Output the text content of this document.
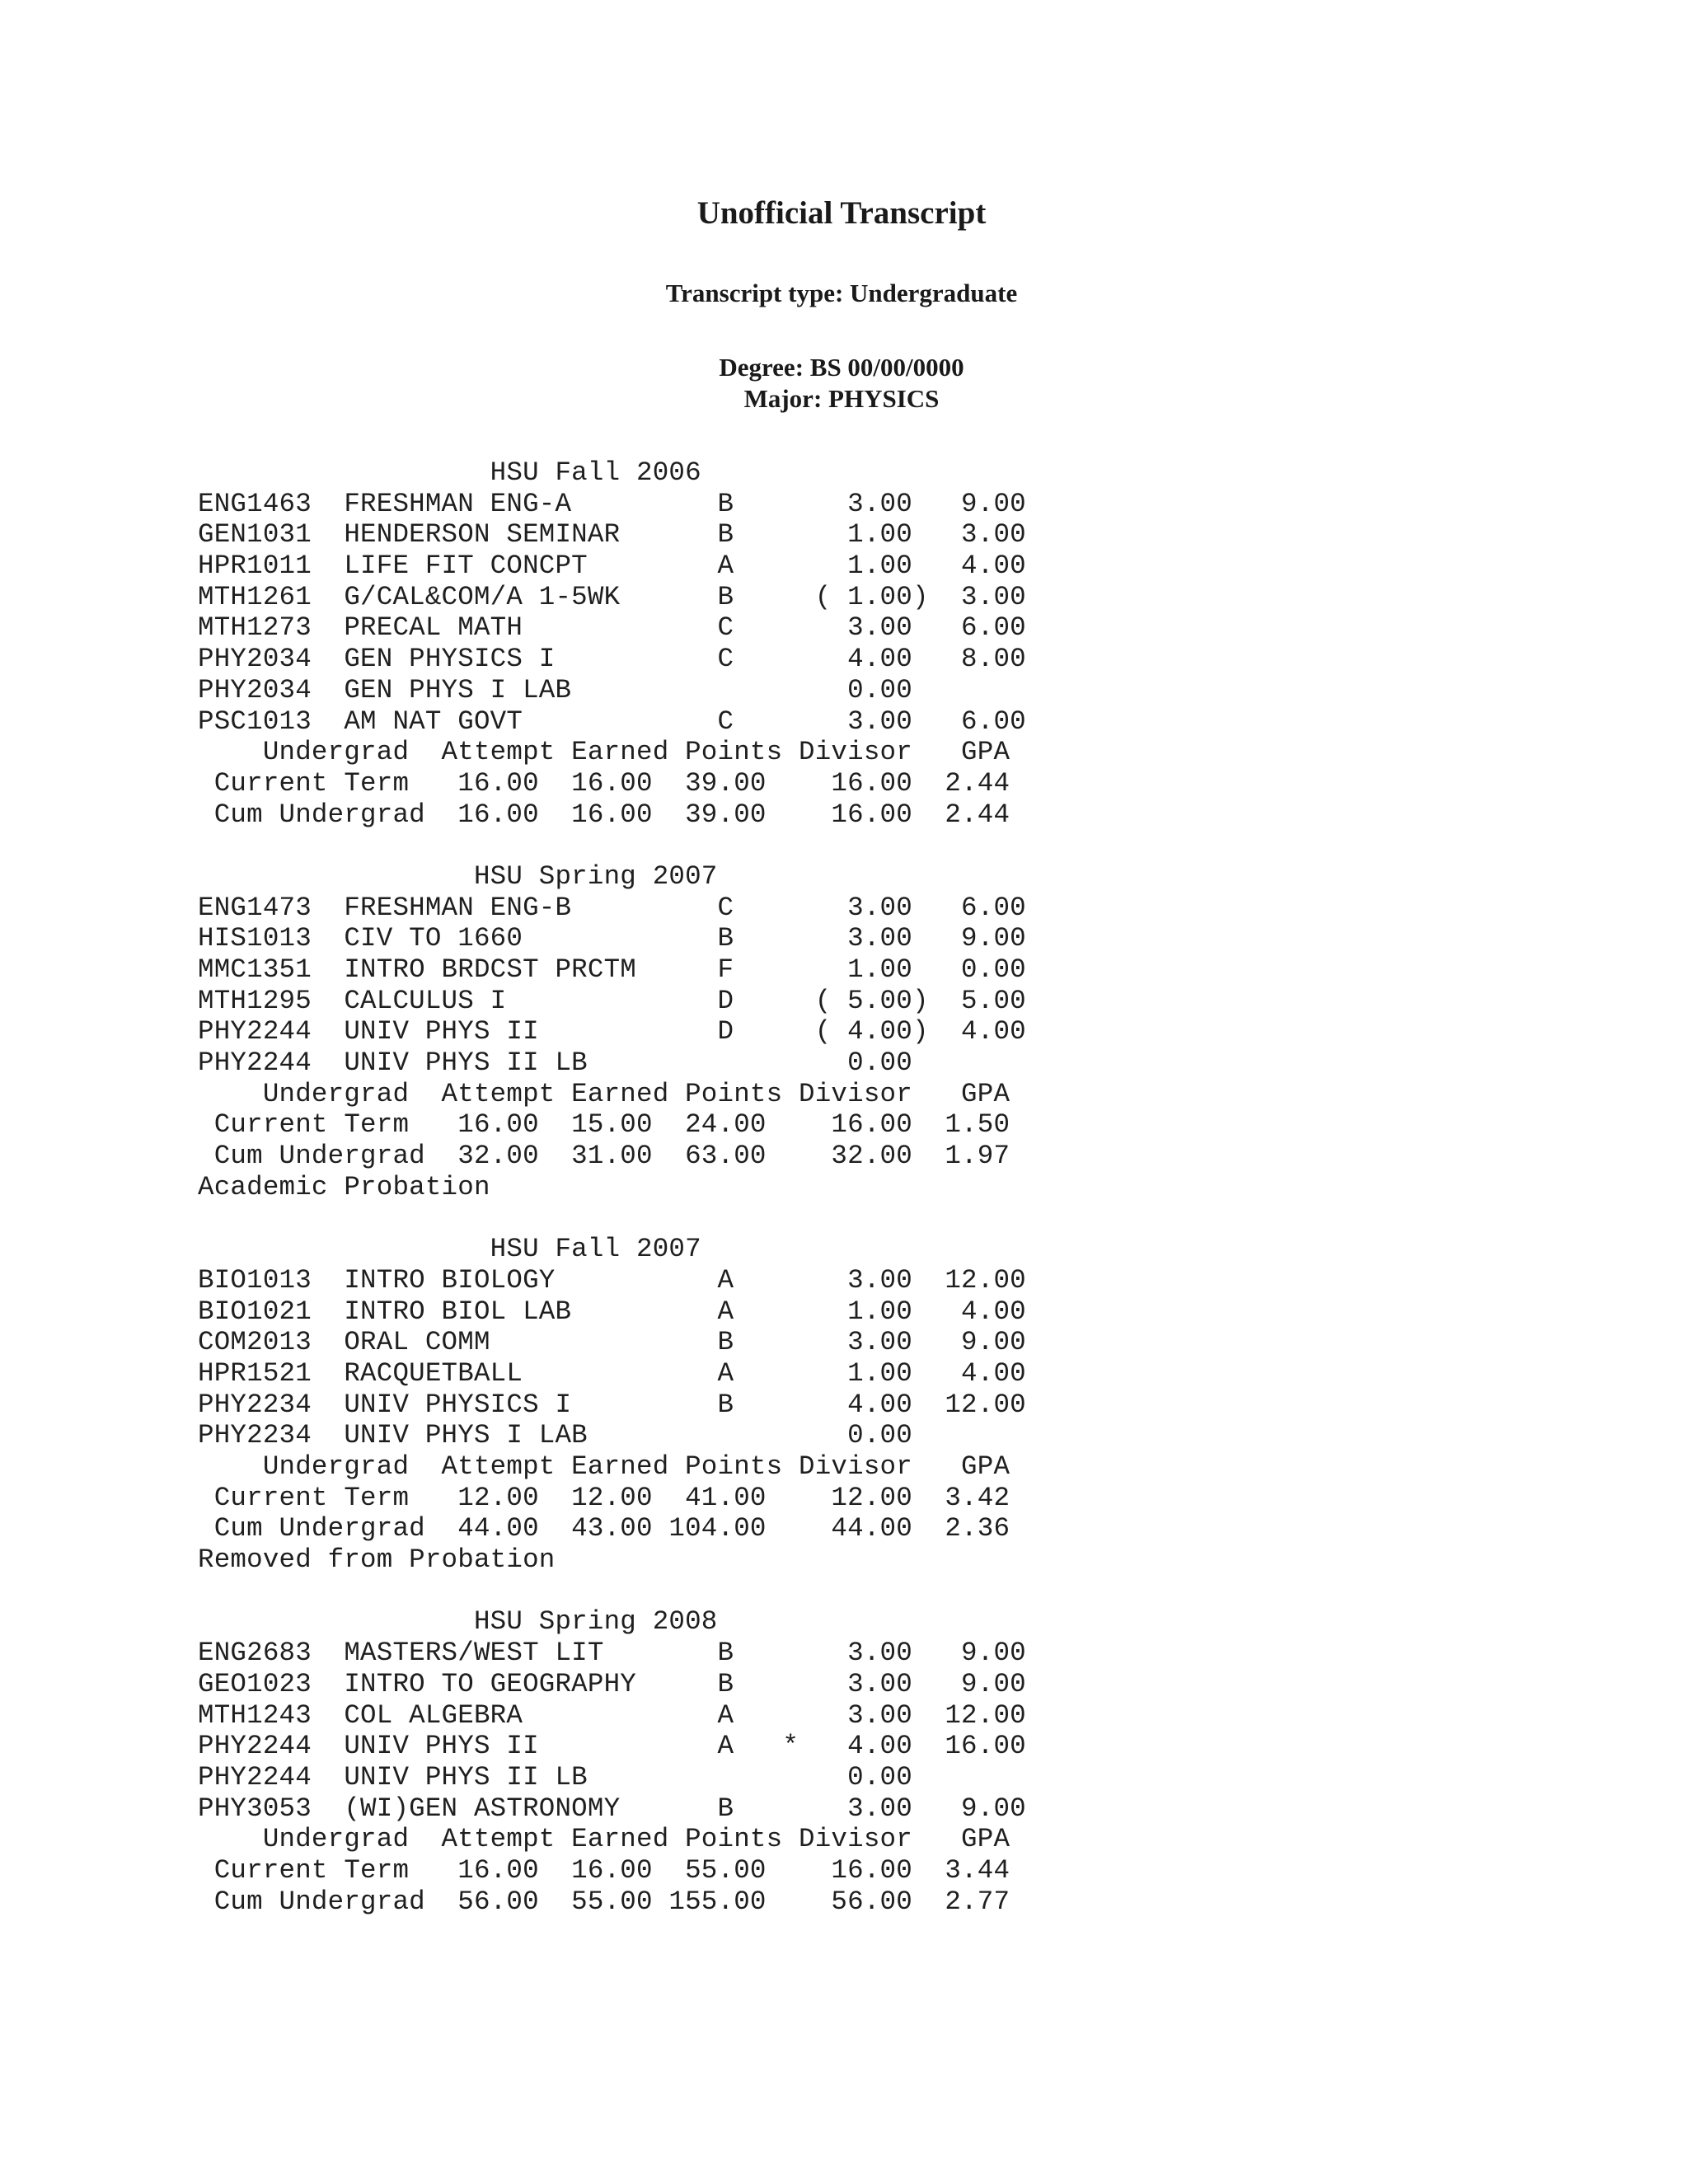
Unofficial Transcript
Transcript type: Undergraduate
Degree: BS 00/00/0000
Major: PHYSICS
HSU Fall 2006
ENG1463  FRESHMAN ENG-A         B       3.00   9.00
GEN1031  HENDERSON SEMINAR      B       1.00   3.00
HPR1011  LIFE FIT CONCPT        A       1.00   4.00
MTH1261  G/CAL&COM/A 1-5WK      B     ( 1.00)  3.00
MTH1273  PRECAL MATH            C       3.00   6.00
PHY2034  GEN PHYSICS I          C       4.00   8.00
PHY2034  GEN PHYS I LAB                 0.00
PSC1013  AM NAT GOVT            C       3.00   6.00
Undergrad  Attempt Earned Points Divisor   GPA
Current Term   16.00  16.00  39.00    16.00  2.44
Cum Undergrad  16.00  16.00  39.00    16.00  2.44
HSU Spring 2007
ENG1473  FRESHMAN ENG-B         C       3.00   6.00
HIS1013  CIV TO 1660            B       3.00   9.00
MMC1351  INTRO BRDCST PRCTM     F       1.00   0.00
MTH1295  CALCULUS I             D     ( 5.00)  5.00
PHY2244  UNIV PHYS II           D     ( 4.00)  4.00
PHY2244  UNIV PHYS II LB                0.00
Undergrad  Attempt Earned Points Divisor   GPA
Current Term   16.00  15.00  24.00    16.00  1.50
Cum Undergrad  32.00  31.00  63.00    32.00  1.97
Academic Probation
HSU Fall 2007
BIO1013  INTRO BIOLOGY          A       3.00  12.00
BIO1021  INTRO BIOL LAB         A       1.00   4.00
COM2013  ORAL COMM              B       3.00   9.00
HPR1521  RACQUETBALL            A       1.00   4.00
PHY2234  UNIV PHYSICS I         B       4.00  12.00
PHY2234  UNIV PHYS I LAB                0.00
Undergrad  Attempt Earned Points Divisor   GPA
Current Term   12.00  12.00  41.00    12.00  3.42
Cum Undergrad  44.00  43.00 104.00    44.00  2.36
Removed from Probation
HSU Spring 2008
ENG2683  MASTERS/WEST LIT       B       3.00   9.00
GEO1023  INTRO TO GEOGRAPHY     B       3.00   9.00
MTH1243  COL ALGEBRA            A       3.00  12.00
PHY2244  UNIV PHYS II           A   *   4.00  16.00
PHY2244  UNIV PHYS II LB                0.00
PHY3053  (WI)GEN ASTRONOMY      B       3.00   9.00
Undergrad  Attempt Earned Points Divisor   GPA
Current Term   16.00  16.00  55.00    16.00  3.44
Cum Undergrad  56.00  55.00 155.00    56.00  2.77
